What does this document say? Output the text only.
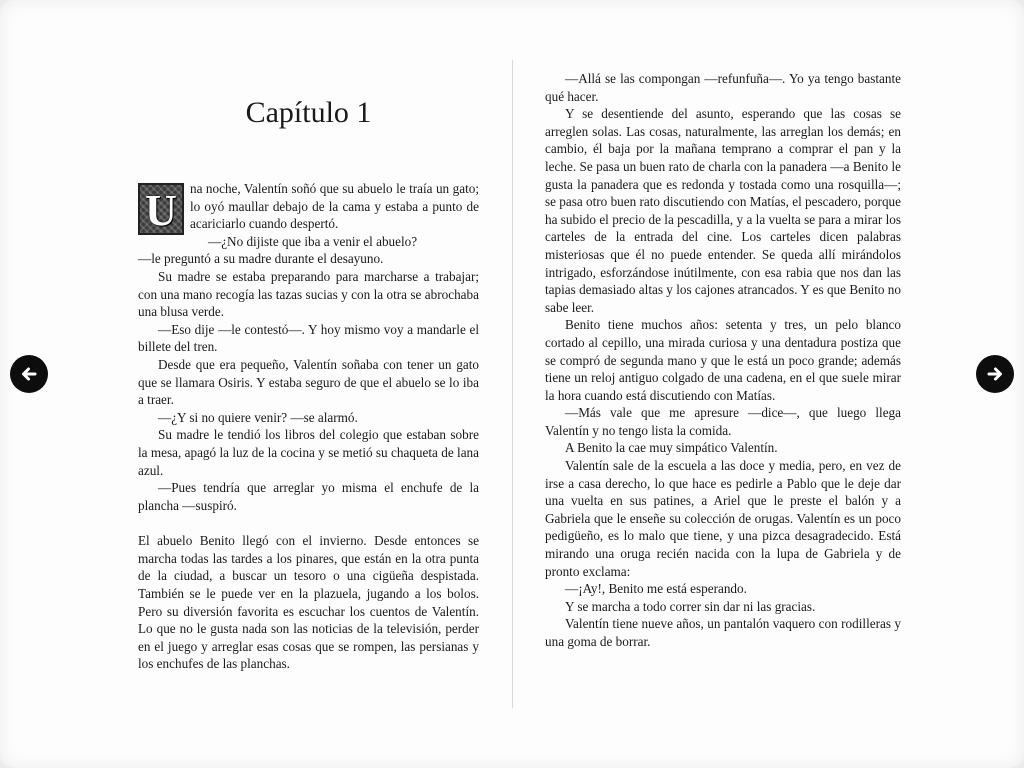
Capítulo 1

U na noche, Valentín soñó que su abuelo le traía un gato; lo oyó maullar debajo de la cama y estaba a punto de acariciarlo cuando despertó.

—¿No dijiste que iba a venir el abuelo?

—le preguntó a su madre durante el desayuno.

Su madre se estaba preparando para marcharse a trabajar; con una mano recogía las tazas sucias y con la otra se abrochaba una blusa verde.

—Eso dije —le contestó—. Y hoy mismo voy a mandarle el billete del tren.

Desde que era pequeño, Valentín soñaba con tener un gato que se llamara Osiris. Y estaba seguro de que el abuelo se lo iba a traer.

—¿Y si no quiere venir? —se alarmó.

Su madre le tendió los libros del colegio que estaban sobre la mesa, apagó la luz de la cocina y se metió su chaqueta de lana azul.

—Pues tendría que arreglar yo misma el enchufe de la plancha —suspiró.

El abuelo Benito llegó con el invierno. Desde entonces se marcha todas las tardes a los pinares, que están en la otra punta de la ciudad, a buscar un tesoro o una cigüeña despistada. También se le puede ver en la plazuela, jugando a los bolos. Pero su diversión favorita es escuchar los cuentos de Valentín. Lo que no le gusta nada son las noticias de la televisión, perder en el juego y arreglar esas cosas que se rompen, las persianas y los enchufes de las planchas.

—Allá se las compongan —refunfuña—. Yo ya tengo bastante qué hacer.

Y se desentiende del asunto, esperando que las cosas se arreglen solas. Las cosas, naturalmente, las arreglan los demás; en cambio, él baja por la mañana temprano a comprar el pan y la leche. Se pasa un buen rato de charla con la panadera —a Benito le gusta la panadera que es redonda y tostada como una rosquilla—; se pasa otro buen rato discutiendo con Matías, el pescadero, porque ha subido el precio de la pescadilla, y a la vuelta se para a mirar los carteles de la entrada del cine. Los carteles dicen palabras misteriosas que él no puede entender. Se queda allí mirándolos intrigado, esforzándose inútilmente, con esa rabia que nos dan las tapias demasiado altas y los cajones atrancados. Y es que Benito no sabe leer.

Benito tiene muchos años: setenta y tres, un pelo blanco cortado al cepillo, una mirada curiosa y una dentadura postiza que se compró de segunda mano y que le está un poco grande; además tiene un reloj antiguo colgado de una cadena, en el que suele mirar la hora cuando está discutiendo con Matías.

—Más vale que me apresure —dice—, que luego llega Valentín y no tengo lista la comida.

A Benito la cae muy simpático Valentín.

Valentín sale de la escuela a las doce y media, pero, en vez de irse a casa derecho, lo que hace es pedirle a Pablo que le deje dar una vuelta en sus patines, a Ariel que le preste el balón y a Gabriela que le enseñe su colección de orugas. Valentín es un poco pedigüeño, es lo malo que tiene, y una pizca desagradecido. Está mirando una oruga recién nacida con la lupa de Gabriela y de pronto exclama:

—¡Ay!, Benito me está esperando.

Y se marcha a todo correr sin dar ni las gracias.

Valentín tiene nueve años, un pantalón vaquero con rodilleras y una goma de borrar.
